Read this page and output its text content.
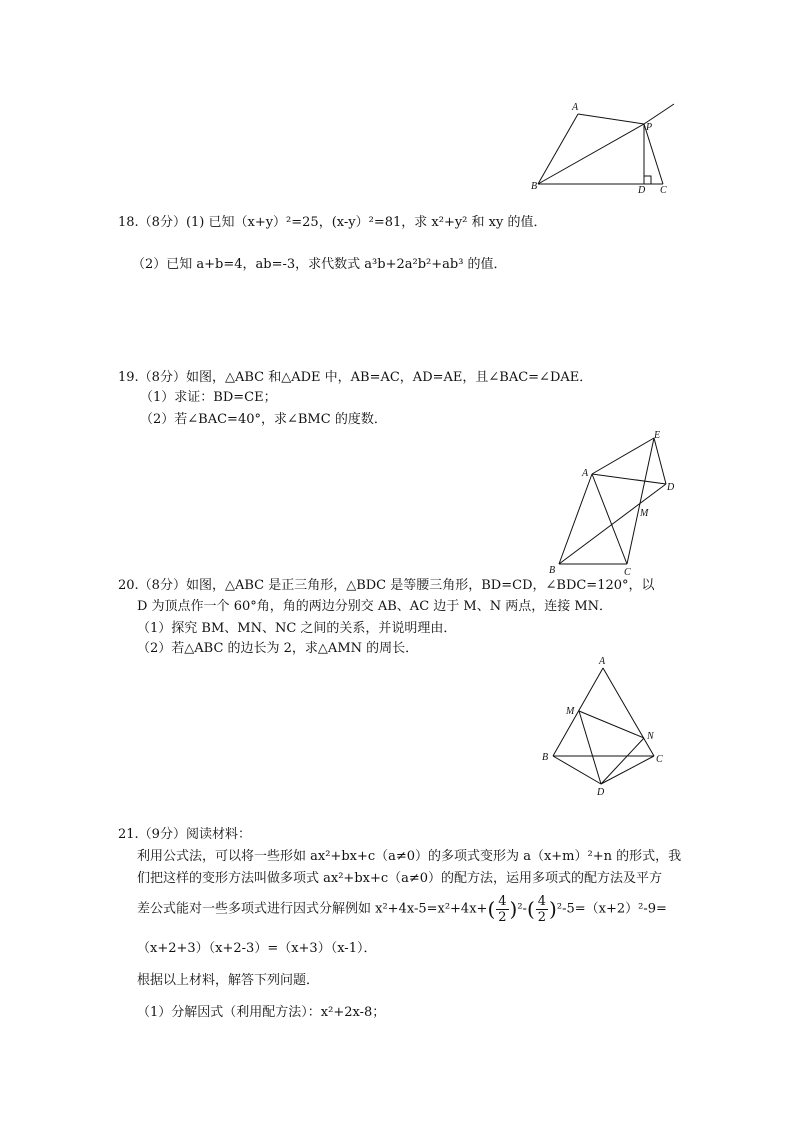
A
P
B	D C
18.（8分）(1) 已知（x+y）²=25，(x-y）²=81，求 x²+y² 和 xy 的值．
（2）已知 a+b=4，ab=-3，求代数式 a³b+2a²b²+ab³ 的值．
19.（8分）如图，△ABC 和△ADE 中，AB=AC，AD=AE，且∠BAC=∠DAE．
（1）求证：BD=CE；
（2）若∠BAC=40°，求∠BMC 的度数．
E
A
D
M
B	C
20.（8分）如图，△ABC 是正三角形，△BDC 是等腰三角形，BD=CD，∠BDC=120°，以
D 为顶点作一个 60°角，角的两边分别交 AB、AC 边于 M、N 两点，连接 MN．
（1）探究 BM、MN、NC 之间的关系，并说明理由．
（2）若△ABC 的边长为 2，求△AMN 的周长．
A
M
N
B	C
D
21.（9分）阅读材料：
利用公式法，可以将一些形如 ax²+bx+c（a≠0）的多项式变形为 a（x+m）²+n 的形式，我
们把这样的变形方法叫做多项式 ax²+bx+c（a≠0）的配方法，运用多项式的配方法及平方
差公式能对一些多项式进行因式分解例如 $x^2+4x-5=x^2+4x+( \frac{4}{2} )^2-( \frac{4}{2} )^2-5=(x+2)^2-9=$
（x+2+3）（x+2-3）=（x+3）（x-1）．
根据以上材料，解答下列问题．
（1）分解因式（利用配方法）：x²+2x-8；
